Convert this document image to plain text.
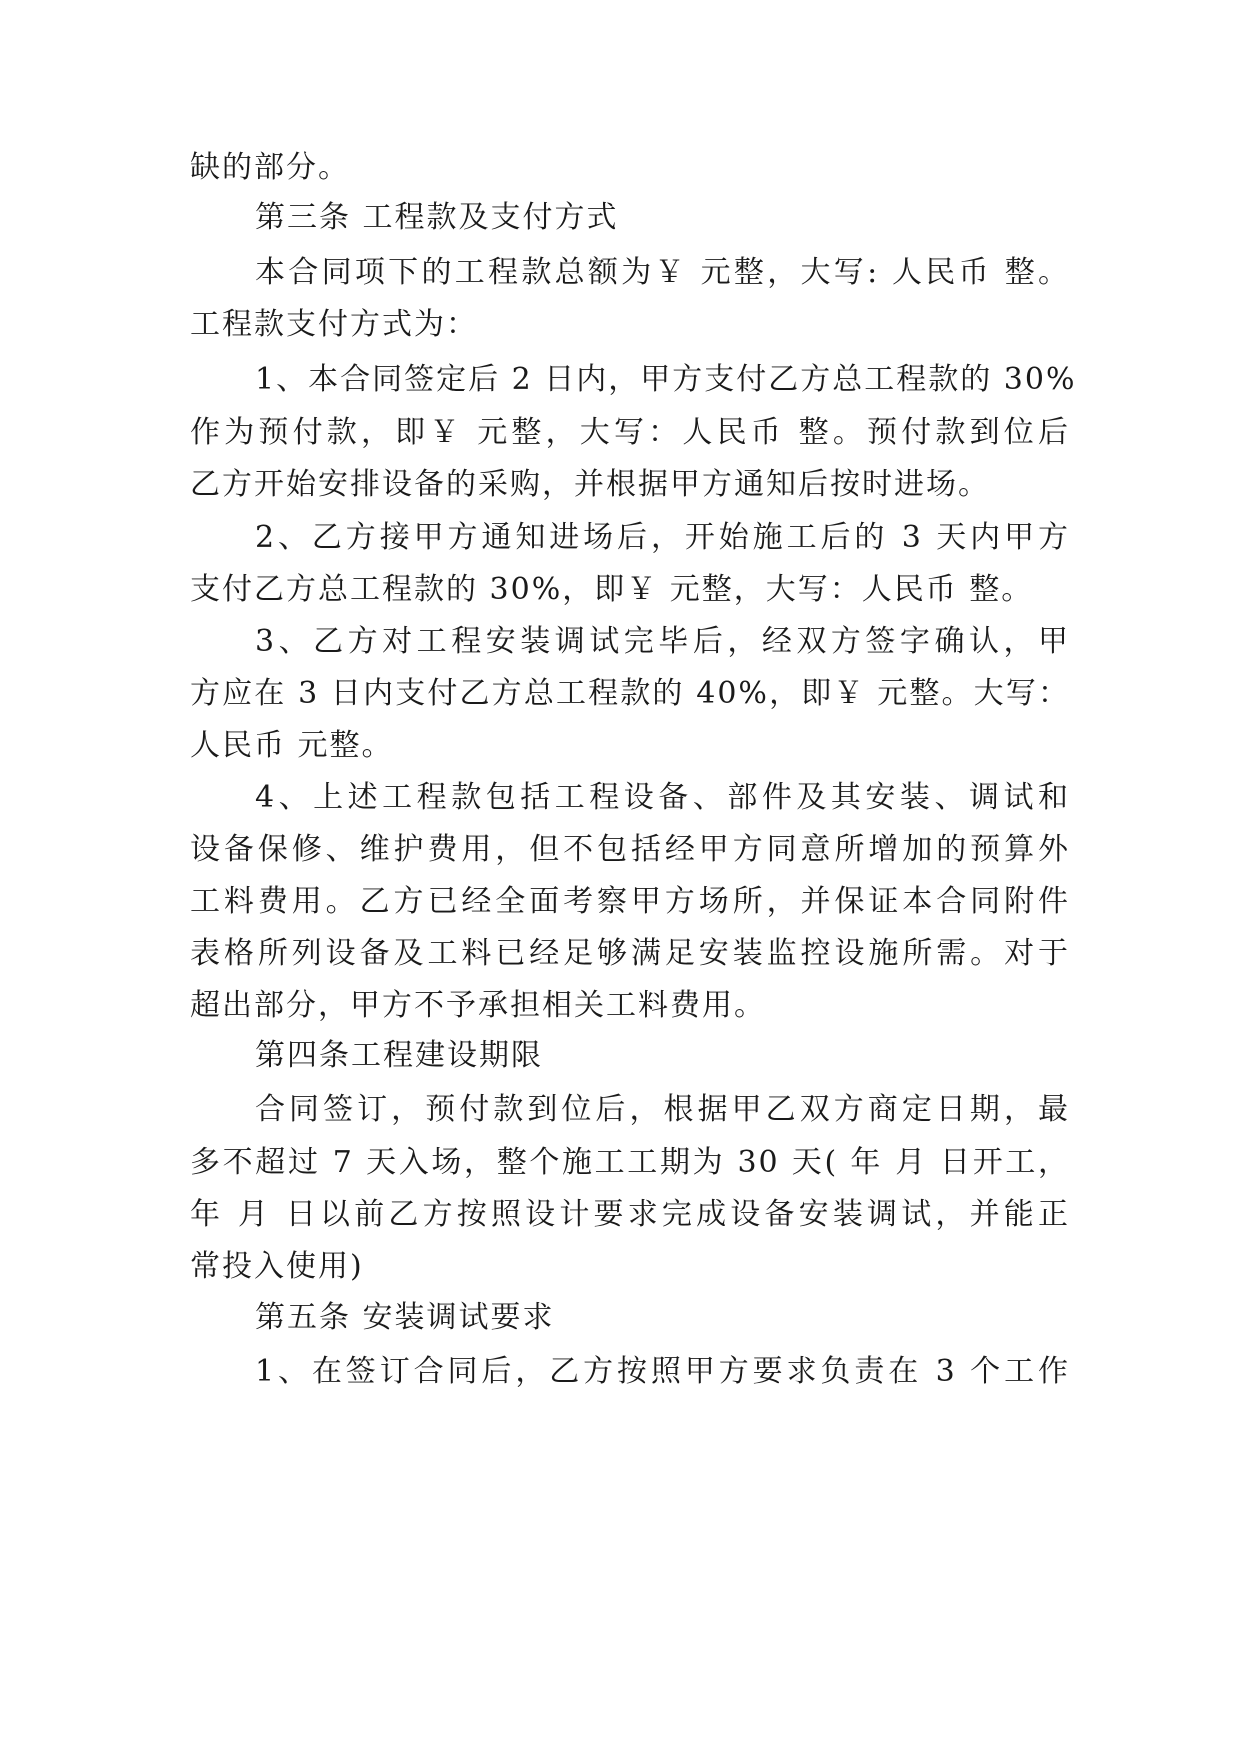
缺的部分。

第三条 工程款及支付方式

本合同项下的工程款总额为￥ 元整，大写: 人民币 整。

工程款支付方式为：

1、本合同签定后 2 日内，甲方支付乙方总工程款的 30%

作为预付款，即￥ 元整，大写：人民币 整。预付款到位后

乙方开始安排设备的采购，并根据甲方通知后按时进场。

2、乙方接甲方通知进场后，开始施工后的 3 天内甲方

支付乙方总工程款的 30%，即￥ 元整，大写：人民币 整。

3、乙方对工程安装调试完毕后，经双方签字确认，甲

方应在 3 日内支付乙方总工程款的 40%，即￥ 元整。大写：

人民币 元整。

4、上述工程款包括工程设备、部件及其安装、调试和

设备保修、维护费用，但不包括经甲方同意所增加的预算外

工料费用。乙方已经全面考察甲方场所，并保证本合同附件

表格所列设备及工料已经足够满足安装监控设施所需。对于

超出部分，甲方不予承担相关工料费用。

第四条工程建设期限

合同签订，预付款到位后，根据甲乙双方商定日期，最

多不超过 7 天入场，整个施工工期为 30 天( 年 月 日开工，

年 月 日以前乙方按照设计要求完成设备安装调试，并能正

常投入使用)

第五条 安装调试要求

1、在签订合同后，乙方按照甲方要求负责在 3 个工作
